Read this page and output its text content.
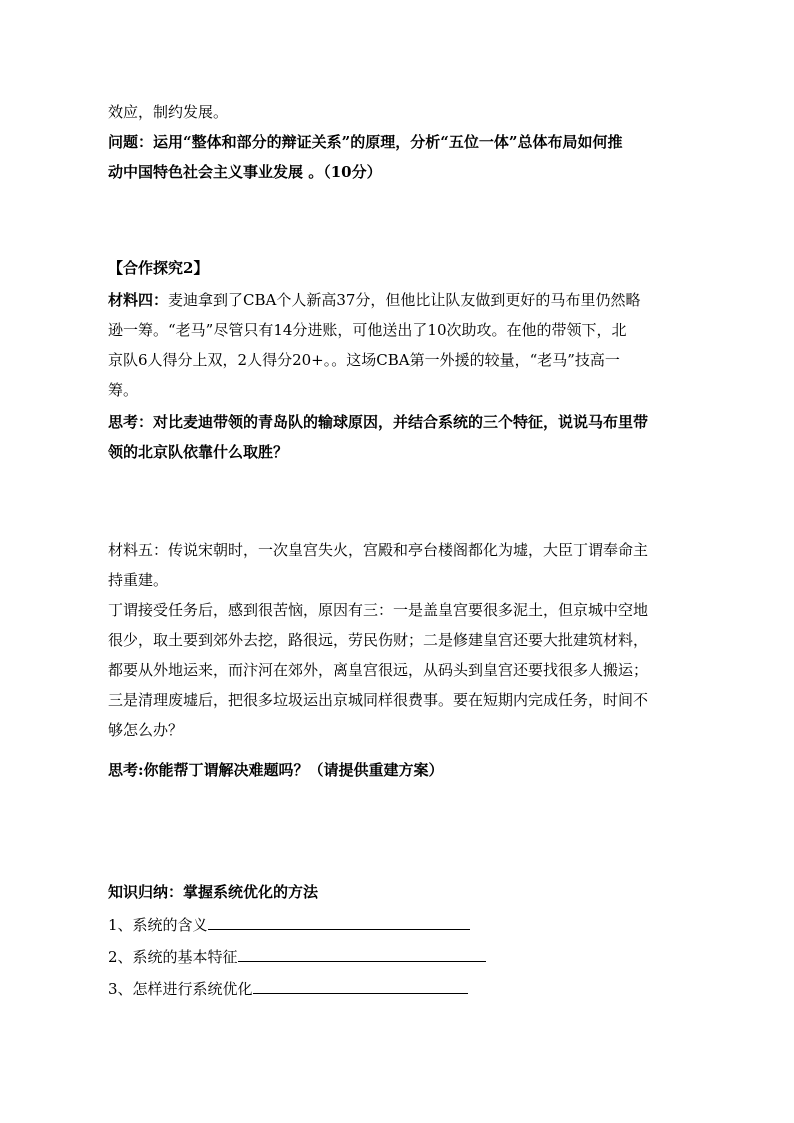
效应，制约发展。
问题：运用“整体和部分的辩证关系”的原理，分析“五位一体”总体布局如何推
动中国特色社会主义事业发展 。（10分）
【合作探究2】
材料四：麦迪拿到了CBA个人新高37分，但他比让队友做到更好的马布里仍然略
逊一筹。“老马”尽管只有14分进账，可他送出了10次助攻。在他的带领下，北
京队6人得分上双，2人得分20+。。这场CBA第一外援的较量，“老马”技高一
筹。
思考：对比麦迪带领的青岛队的输球原因，并结合系统的三个特征，说说马布里带
领的北京队依靠什么取胜？
材料五：传说宋朝时，一次皇宫失火，宫殿和亭台楼阁都化为墟，大臣丁谓奉命主
持重建。
丁谓接受任务后，感到很苦恼，原因有三：一是盖皇宫要很多泥土，但京城中空地
很少，取土要到郊外去挖，路很远，劳民伤财；二是修建皇宫还要大批建筑材料，
都要从外地运来，而汴河在郊外，离皇宫很远，从码头到皇宫还要找很多人搬运；
三是清理废墟后，把很多垃圾运出京城同样很费事。要在短期内完成任务，时间不
够怎么办？
思考:你能帮丁谓解决难题吗？（请提供重建方案）
知识归纳：掌握系统优化的方法
1、系统的含义
2、系统的基本特征
3、怎样进行系统优化
